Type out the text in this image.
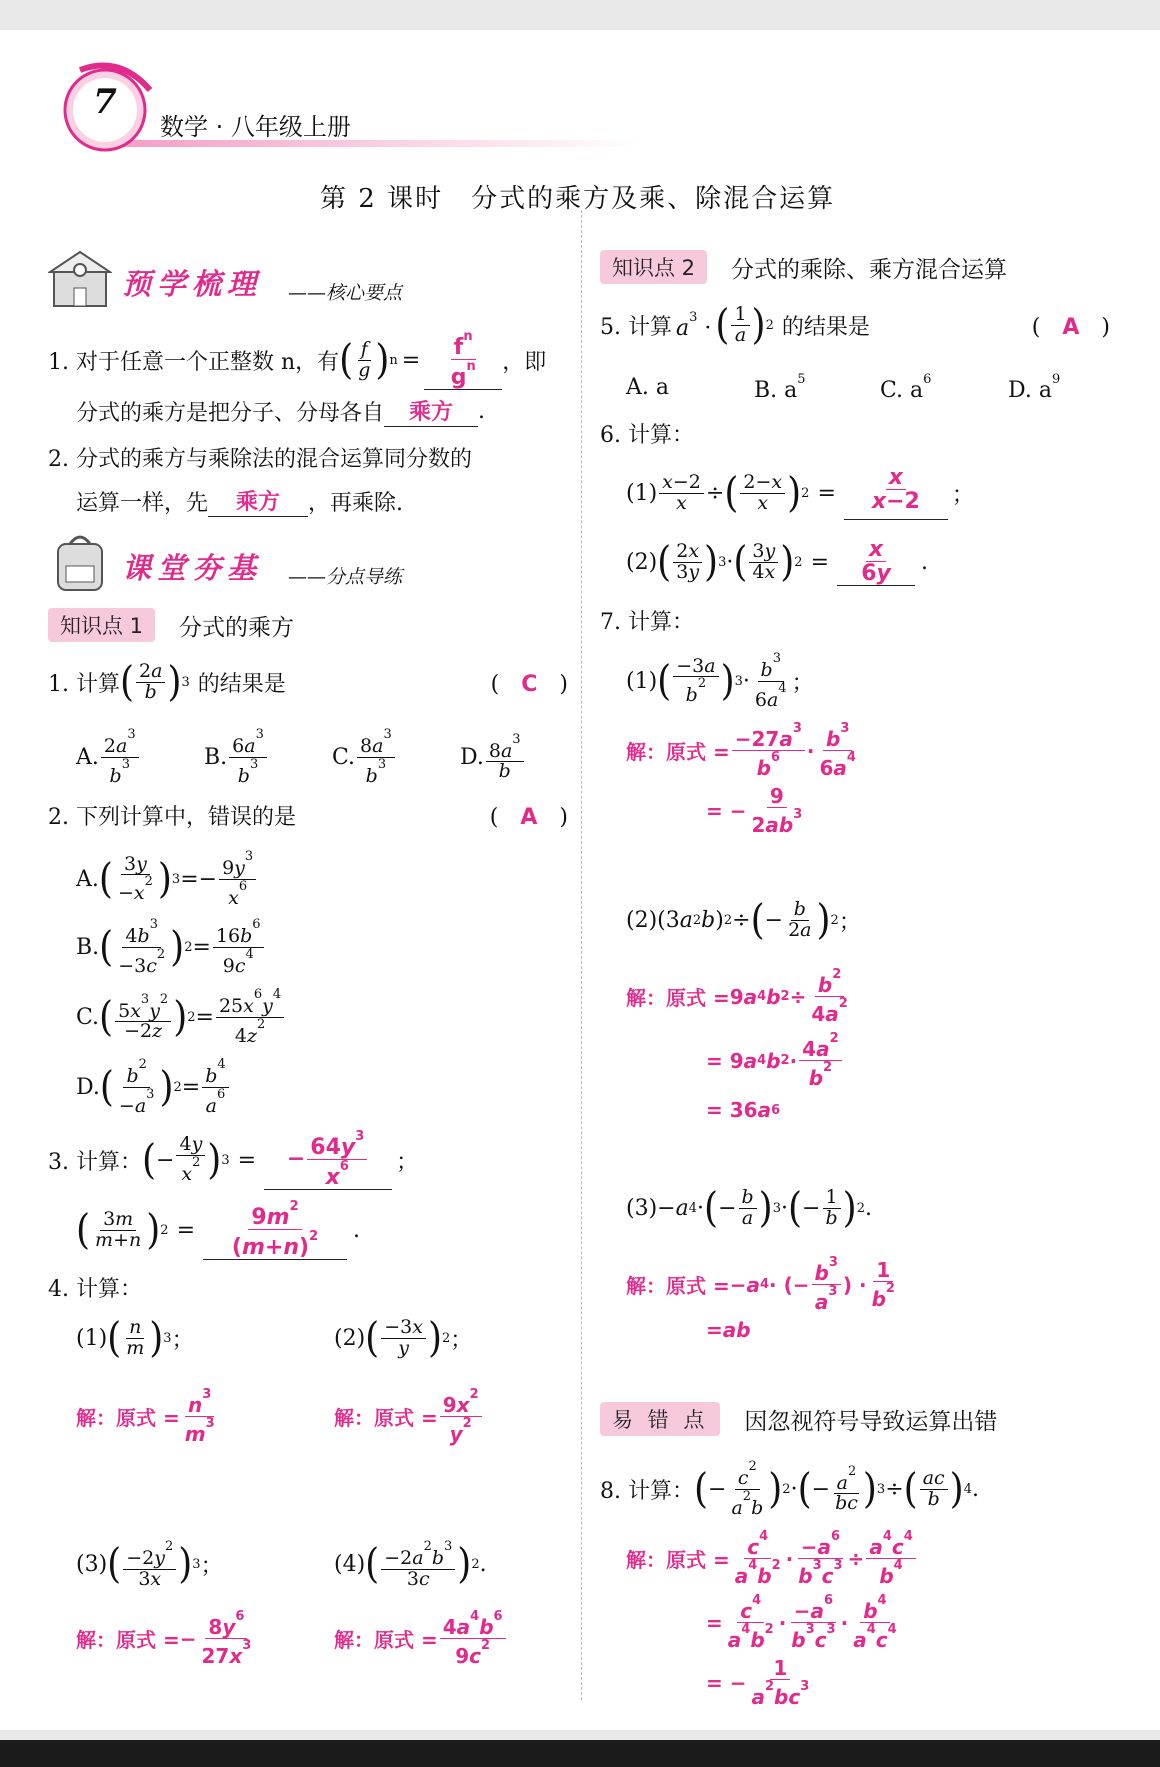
7
数学 · 八年级上册
第 2 课时　分式的乘方及乘、除混合运算
预学梳理	——核心要点
1. 对于任意一个正整数 n，有 ( $\frac{f}{g}$ ) $n = \frac{f^n}{g^n}$ ，即
分式的乘方是把分子、分母各自	乘方	.
2. 分式的乘方与乘除法的混合运算同分数的
运算一样，先	乘方	，再乘除.
课堂夯基	——分点导练
知识点 1	分式的乘方
1. 计算 ( $\frac{2a}{b}$ ) 3 的结果是	(　C　)
A. $\frac{2a^3}{b^3}$	B. $\frac{6a^3}{b^3}$	C. $\frac{8a^3}{b^3}$	D. $\frac{8a^3}{b}$
2. 下列计算中，错误的是	(　A　)
A. ( $\frac{3y}{-x^2}$ ) $3 =- \frac{9y^3}{x^6}$
B. ( $\frac{4b^3}{-3c^2}$ ) $2 = \frac{16b^6}{9c^4}$
C. ( $\frac{5x^3y^2}{-2z}$ ) $2 = \frac{25x^6y^4}{4z^2}$
D. ( $\frac{b^2}{-a^3}$ ) $2 = \frac{b^4}{a^6}$
3. 计算： ( − $\frac{4y}{x^2}$ ) 3 =	− $\frac{64y^3}{x^6}$ ；
( $\frac{3m}{m+n}$ ) $2 = \frac{9m^2}{(m+n)^2}$ .
4. 计算：
(1) ( $\frac{n}{m}$ ) 3 ；	(2) ( $\frac{-3x}{y}$ ) 2 ；
解：原式 = $\frac{n^3}{m^3}$	解：原式 = $\frac{9x^2}{y^2}$
(3) ( $\frac{-2y^2}{3x}$ ) 3 ；	(4) ( $\frac{-2a^2b^3}{3c}$ ) 2 .
解：原式 = − $\frac{8y^6}{27x^3}$	解：原式 = $\frac{4a^4b^6}{9c^2}$
知识点 2	分式的乘除、乘方混合运算
5. 计算 $a^3$ · ( $\frac{1}{a}$ ) 2 的结果是	(　A　)
A. a	B. $a^5$	C. $a^6$	D. $a^9$
6. 计算：
$(1) \frac{x-2}{x}$ ÷ ( $\frac{2-x}{x}$ ) $2 = \frac{x}{x-2}$ ；
(2) ( $\frac{2x}{3y}$ ) 3 · ( $\frac{3y}{4x}$ ) $2 = \frac{x}{6y}$ .
7. 计算：
(1) ( $\frac{-3a}{b^2}$ ) $3 \cdot \frac{b^3}{6a^4}$ ；
解：原式 = $\frac{-27a^3}{b^6} \cdot \frac{b^3}{6a^4}$
= − $\frac{9}{2ab^3}$
(2) (3 a 2 b ) 2 ÷ ( − $\frac{b}{2a}$ ) 2 ；
解：原式 = 9 a 4 b $2 \div \frac{b^2}{4a^2}$
= 9 a 4 b $2 \cdot \frac{4a^2}{b^2}$
= 36 a 6
(3) − a 4 · ( − $\frac{b}{a}$ ) 3 · ( − $\frac{1}{b}$ ) 2 .
解：原式 = − a 4 · (− $\frac{b^3}{a^3}$ ) · $\frac{1}{b^2}$
= ab
易 错 点	因忽视符号导致运算出错
8. 计算： ( − $\frac{c^2}{a^2b}$ ) 2 · ( − $\frac{a^2}{bc}$ ) 3 ÷ ( $\frac{ac}{b}$ ) 4 .
解：原式 = $\frac{c^4}{a^4b^2} \cdot \frac{-a^6}{b^3c^3} \div \frac{a^4c^4}{b^4}$
= $\frac{c^4}{a^4b^2} \cdot \frac{-a^6}{b^3c^3} \cdot \frac{b^4}{a^4c^4}$
= − $\frac{1}{a^2bc^3}$
